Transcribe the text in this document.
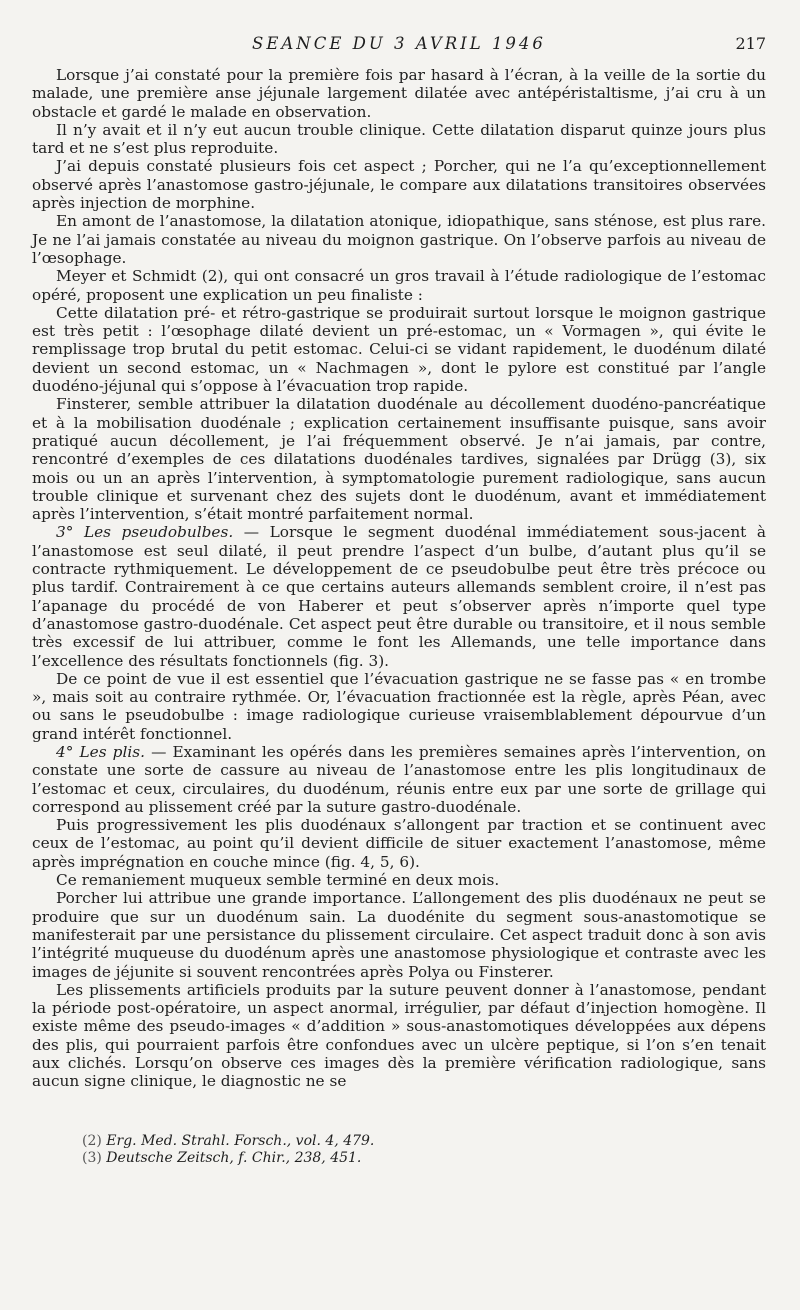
SEANCE DU 3 AVRIL 1946	217

Lorsque j’ai constaté pour la première fois par hasard à l’écran, à la veille de la sortie du malade, une première anse jéjunale largement dilatée avec antépéristaltisme, j’ai cru à un obstacle et gardé le malade en observation.

Il n’y avait et il n’y eut aucun trouble clinique. Cette dilatation disparut quinze jours plus tard et ne s’est plus reproduite.

J’ai depuis constaté plusieurs fois cet aspect ; Porcher, qui ne l’a qu’exceptionnellement observé après l’anastomose gastro-jéjunale, le compare aux dilatations transitoires observées après injection de morphine.

En amont de l’anastomose, la dilatation atonique, idiopathique, sans sténose, est plus rare. Je ne l’ai jamais constatée au niveau du moignon gastrique. On l’observe parfois au niveau de l’œsophage.

Meyer et Schmidt (2), qui ont consacré un gros travail à l’étude radiologique de l’estomac opéré, proposent une explication un peu finaliste :

Cette dilatation pré- et rétro-gastrique se produirait surtout lorsque le moignon gastrique est très petit : l’œsophage dilaté devient un pré-estomac, un « Vormagen », qui évite le remplissage trop brutal du petit estomac. Celui-ci se vidant rapidement, le duodénum dilaté devient un second estomac, un « Nachmagen », dont le pylore est constitué par l’angle duodéno-jéjunal qui s’oppose à l’évacuation trop rapide.

Finsterer, semble attribuer la dilatation duodénale au décollement duodéno-pancréatique et à la mobilisation duodénale ; explication certainement insuffisante puisque, sans avoir pratiqué aucun décollement, je l’ai fréquemment observé. Je n’ai jamais, par contre, rencontré d’exemples de ces dilatations duodénales tardives, signalées par Drügg (3), six mois ou un an après l’intervention, à symptomatologie purement radiologique, sans aucun trouble clinique et survenant chez des sujets dont le duodénum, avant et immédiatement après l’intervention, s’était montré parfaitement normal.

3° Les pseudobulbes. — Lorsque le segment duodénal immédiatement sous-jacent à l’anastomose est seul dilaté, il peut prendre l’aspect d’un bulbe, d’autant plus qu’il se contracte rythmiquement. Le développement de ce pseudobulbe peut être très précoce ou plus tardif. Contrairement à ce que certains auteurs allemands semblent croire, il n’est pas l’apanage du procédé de von Haberer et peut s’observer après n’importe quel type d’anastomose gastro-duodénale. Cet aspect peut être durable ou transitoire, et il nous semble très excessif de lui attribuer, comme le font les Allemands, une telle importance dans l’excellence des résultats fonctionnels (fig. 3).

De ce point de vue il est essentiel que l’évacuation gastrique ne se fasse pas « en trombe », mais soit au contraire rythmée. Or, l’évacuation fractionnée est la règle, après Péan, avec ou sans le pseudobulbe : image radiologique curieuse vraisemblablement dépourvue d’un grand intérêt fonctionnel.

4° Les plis. — Examinant les opérés dans les premières semaines après l’intervention, on constate une sorte de cassure au niveau de l’anastomose entre les plis longitudinaux de l’estomac et ceux, circulaires, du duodénum, réunis entre eux par une sorte de grillage qui correspond au plissement créé par la suture gastro-duodénale.

Puis progressivement les plis duodénaux s’allongent par traction et se continuent avec ceux de l’estomac, au point qu’il devient difficile de situer exactement l’anastomose, même après imprégnation en couche mince (fig. 4, 5, 6).

Ce remaniement muqueux semble terminé en deux mois.

Porcher lui attribue une grande importance. L’allongement des plis duodénaux ne peut se produire que sur un duodénum sain. La duodénite du segment sous-anastomotique se manifesterait par une persistance du plissement circulaire. Cet aspect traduit donc à son avis l’intégrité muqueuse du duodénum après une anastomose physiologique et contraste avec les images de jéjunite si souvent rencontrées après Polya ou Finsterer.

Les plissements artificiels produits par la suture peuvent donner à l’anastomose, pendant la période post-opératoire, un aspect anormal, irrégulier, par défaut d’injection homogène. Il existe même des pseudo-images « d’addition » sous-anastomotiques développées aux dépens des plis, qui pourraient parfois être confondues avec un ulcère peptique, si l’on s’en tenait aux clichés. Lorsqu’on observe ces images dès la première vérification radiologique, sans aucun signe clinique, le diagnostic ne se

(2) Erg. Med. Strahl. Forsch., vol. 4, 479.

(3) Deutsche Zeitsch, f. Chir., 238, 451.
